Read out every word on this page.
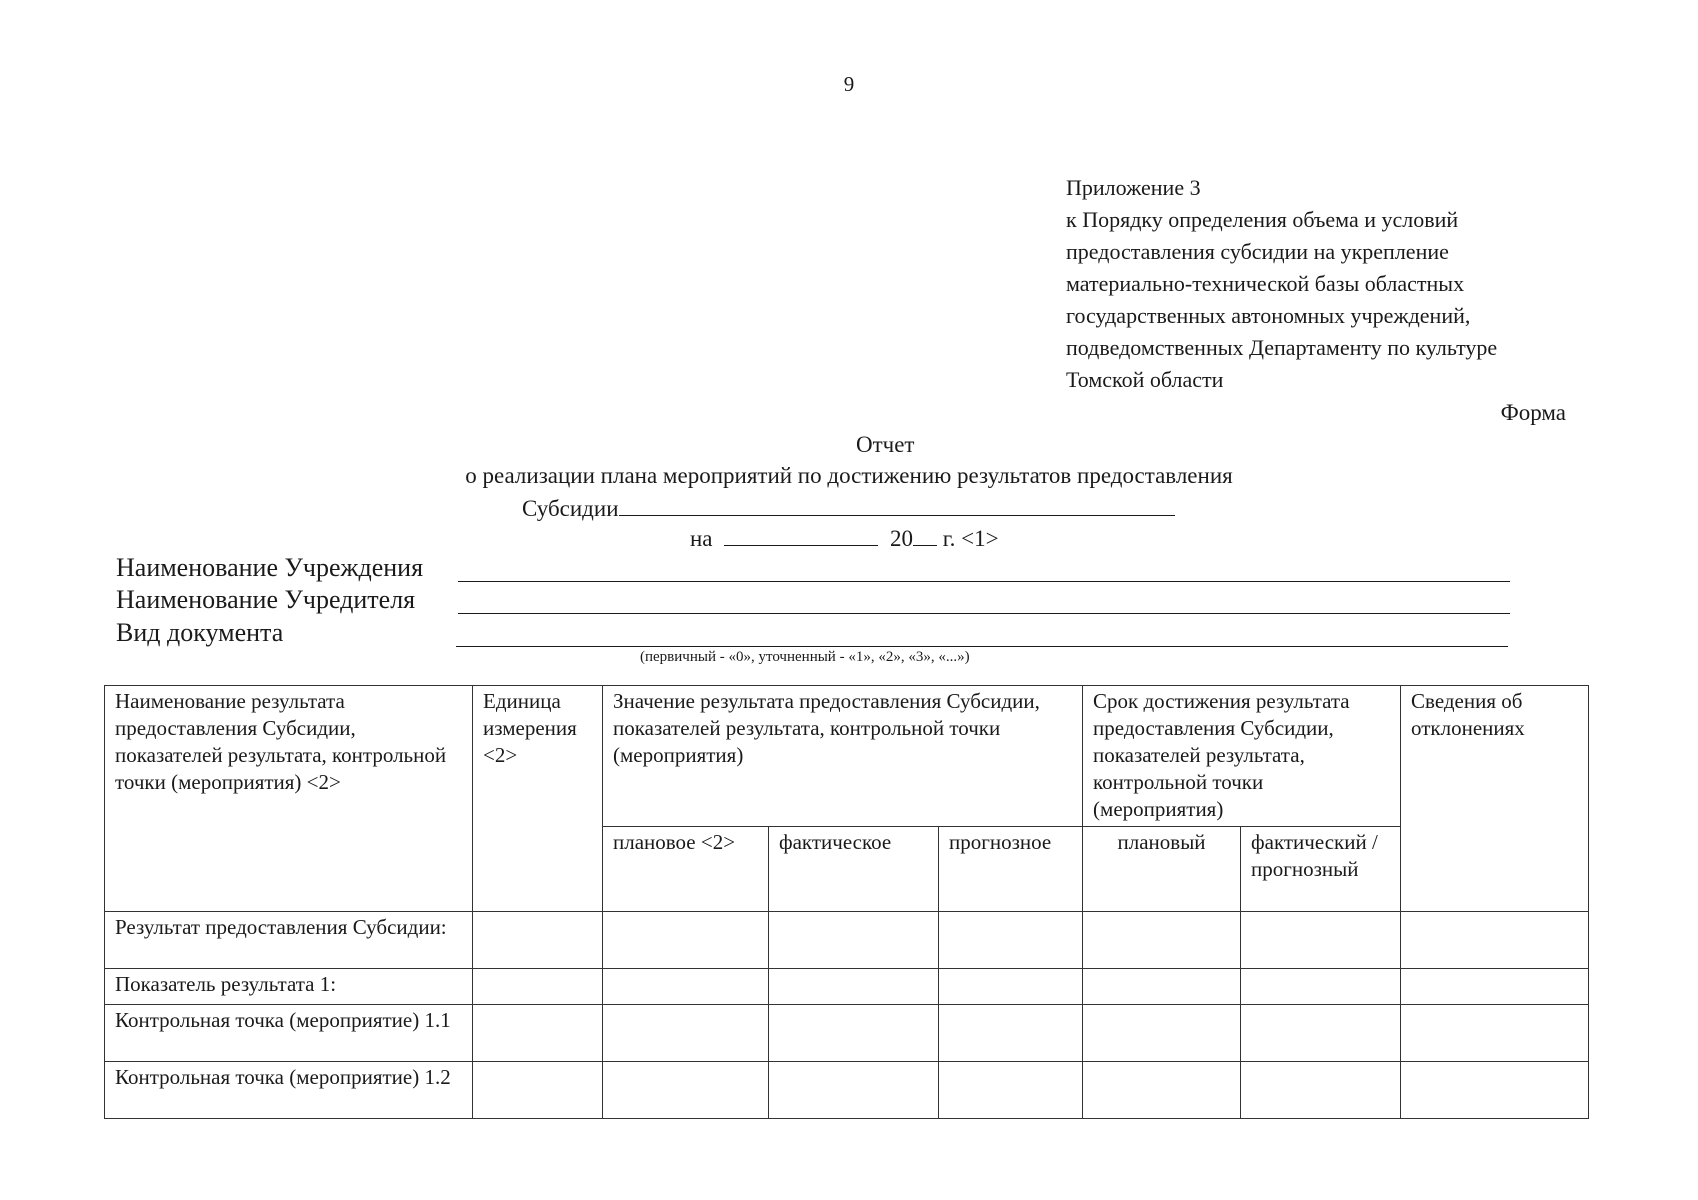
9
Приложение 3
к Порядку определения объема и условий
предоставления субсидии на укрепление
материально-технической базы областных
государственных автономных учреждений,
подведомственных Департаменту по культуре
Томской области
Форма
Отчет
о реализации плана мероприятий по достижению результатов предоставления
Субсидии
на	20 г. <1>
Наименование Учреждения
Наименование Учредителя
Вид документа
(первичный - «0», уточненный - «1», «2», «3», «...»)
Наименование результата предоставления Субсидии, показателей результата, контрольной точки (мероприятия) <2>	Единица измерения <2>	Значение результата предоставления Субсидии, показателей результата, контрольной точки (мероприятия)			Срок достижения результата предоставления Субсидии, показателей результата, контрольной точки (мероприятия)		Сведения об отклонениях
		плановое <2>	фактическое	прогнозное	плановый	фактический / прогнозный	

Результат предоставления Субсидии:							

Показатель результата 1:							

Контрольная точка (мероприятие) 1.1							

Контрольная точка (мероприятие) 1.2							
